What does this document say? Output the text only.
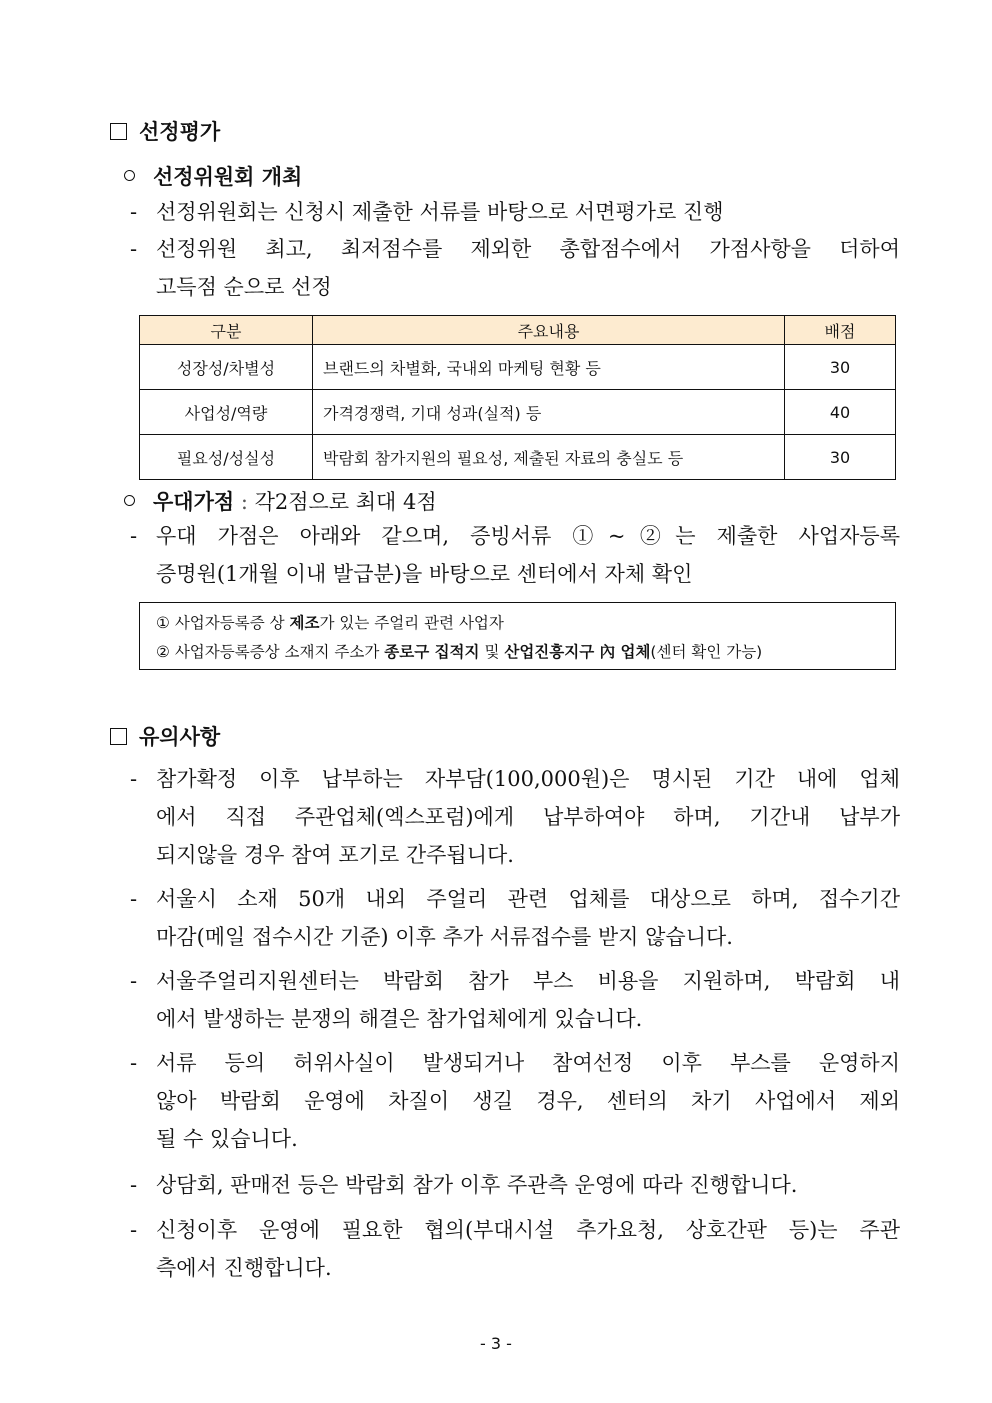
선정평가
선정위원회 개최
- 선정위원회는 신청시 제출한 서류를 바탕으로 서면평가로 진행
- 선정위원 최고, 최저점수를 제외한 총합점수에서 가점사항을 더하여
고득점 순으로 선정
구분	주요내용	배점
성장성/차별성	브랜드의 차별화, 국내외 마케팅 현황 등	30
사업성/역량	가격경쟁력, 기대 성과(실적) 등	40
필요성/성실성	박람회 참가지원의 필요성, 제출된 자료의 충실도 등	30
우대가점 : 각2점으로 최대 4점
- 우대 가점은 아래와 같으며, 증빙서류 ①~②는 제출한 사업자등록
증명원(1개월 이내 발급분)을 바탕으로 센터에서 자체 확인
① 사업자등록증 상 제조가 있는 주얼리 관련 사업자
② 사업자등록증상 소재지 주소가 종로구 집적지 및 산업진흥지구 內 업체(센터 확인 가능)
유의사항
- 참가확정 이후 납부하는 자부담(100,000원)은 명시된 기간 내에 업체
에서 직접 주관업체(엑스포럼)에게 납부하여야 하며, 기간내 납부가
되지않을 경우 참여 포기로 간주됩니다.
- 서울시 소재 50개 내외 주얼리 관련 업체를 대상으로 하며, 접수기간
마감(메일 접수시간 기준) 이후 추가 서류접수를 받지 않습니다.
- 서울주얼리지원센터는 박람회 참가 부스 비용을 지원하며, 박람회 내
에서 발생하는 분쟁의 해결은 참가업체에게 있습니다.
- 서류 등의 허위사실이 발생되거나 참여선정 이후 부스를 운영하지
않아 박람회 운영에 차질이 생길 경우, 센터의 차기 사업에서 제외
될 수 있습니다.
- 상담회, 판매전 등은 박람회 참가 이후 주관측 운영에 따라 진행합니다.
- 신청이후 운영에 필요한 협의(부대시설 추가요청, 상호간판 등)는 주관
측에서 진행합니다.
- 3 -
